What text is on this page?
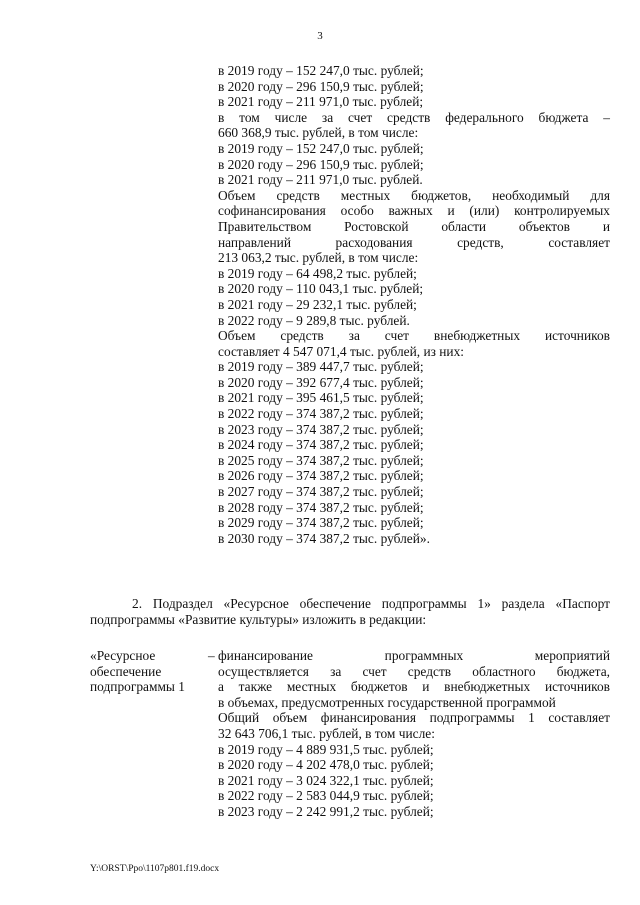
3
в 2019 году – 152 247,0 тыс. рублей;
в 2020 году – 296 150,9 тыс. рублей;
в 2021 году – 211 971,0 тыс. рублей;
в том числе за счет средств федерального бюджета –
660 368,9 тыс. рублей, в том числе:
в 2019 году – 152 247,0 тыс. рублей;
в 2020 году – 296 150,9 тыс. рублей;
в 2021 году – 211 971,0 тыс. рублей.
Объем средств местных бюджетов, необходимый для
софинансирования особо важных и (или) контролируемых
Правительством Ростовской области объектов и
направлений расходования средств, составляет
213 063,2 тыс. рублей, в том числе:
в 2019 году – 64 498,2 тыс. рублей;
в 2020 году – 110 043,1 тыс. рублей;
в 2021 году – 29 232,1 тыс. рублей;
в 2022 году – 9 289,8 тыс. рублей.
Объем средств за счет внебюджетных источников
составляет 4 547 071,4 тыс. рублей, из них:
в 2019 году – 389 447,7 тыс. рублей;
в 2020 году – 392 677,4 тыс. рублей;
в 2021 году – 395 461,5 тыс. рублей;
в 2022 году – 374 387,2 тыс. рублей;
в 2023 году – 374 387,2 тыс. рублей;
в 2024 году – 374 387,2 тыс. рублей;
в 2025 году – 374 387,2 тыс. рублей;
в 2026 году – 374 387,2 тыс. рублей;
в 2027 году – 374 387,2 тыс. рублей;
в 2028 году – 374 387,2 тыс. рублей;
в 2029 году – 374 387,2 тыс. рублей;
в 2030 году – 374 387,2 тыс. рублей».
2. Подраздел «Ресурсное обеспечение подпрограммы 1» раздела «Паспорт
подпрограммы «Развитие культуры» изложить в редакции:
«Ресурсное
обеспечение
подпрограммы 1
– финансирование программных мероприятий
осуществляется за счет средств областного бюджета,
а также местных бюджетов и внебюджетных источников
в объемах, предусмотренных государственной программой
Общий объем финансирования подпрограммы 1 составляет
32 643 706,1 тыс. рублей, в том числе:
в 2019 году – 4 889 931,5 тыс. рублей;
в 2020 году – 4 202 478,0 тыс. рублей;
в 2021 году – 3 024 322,1 тыс. рублей;
в 2022 году – 2 583 044,9 тыс. рублей;
в 2023 году – 2 242 991,2 тыс. рублей;
Y:\ORST\Ppo\1107p801.f19.docx
